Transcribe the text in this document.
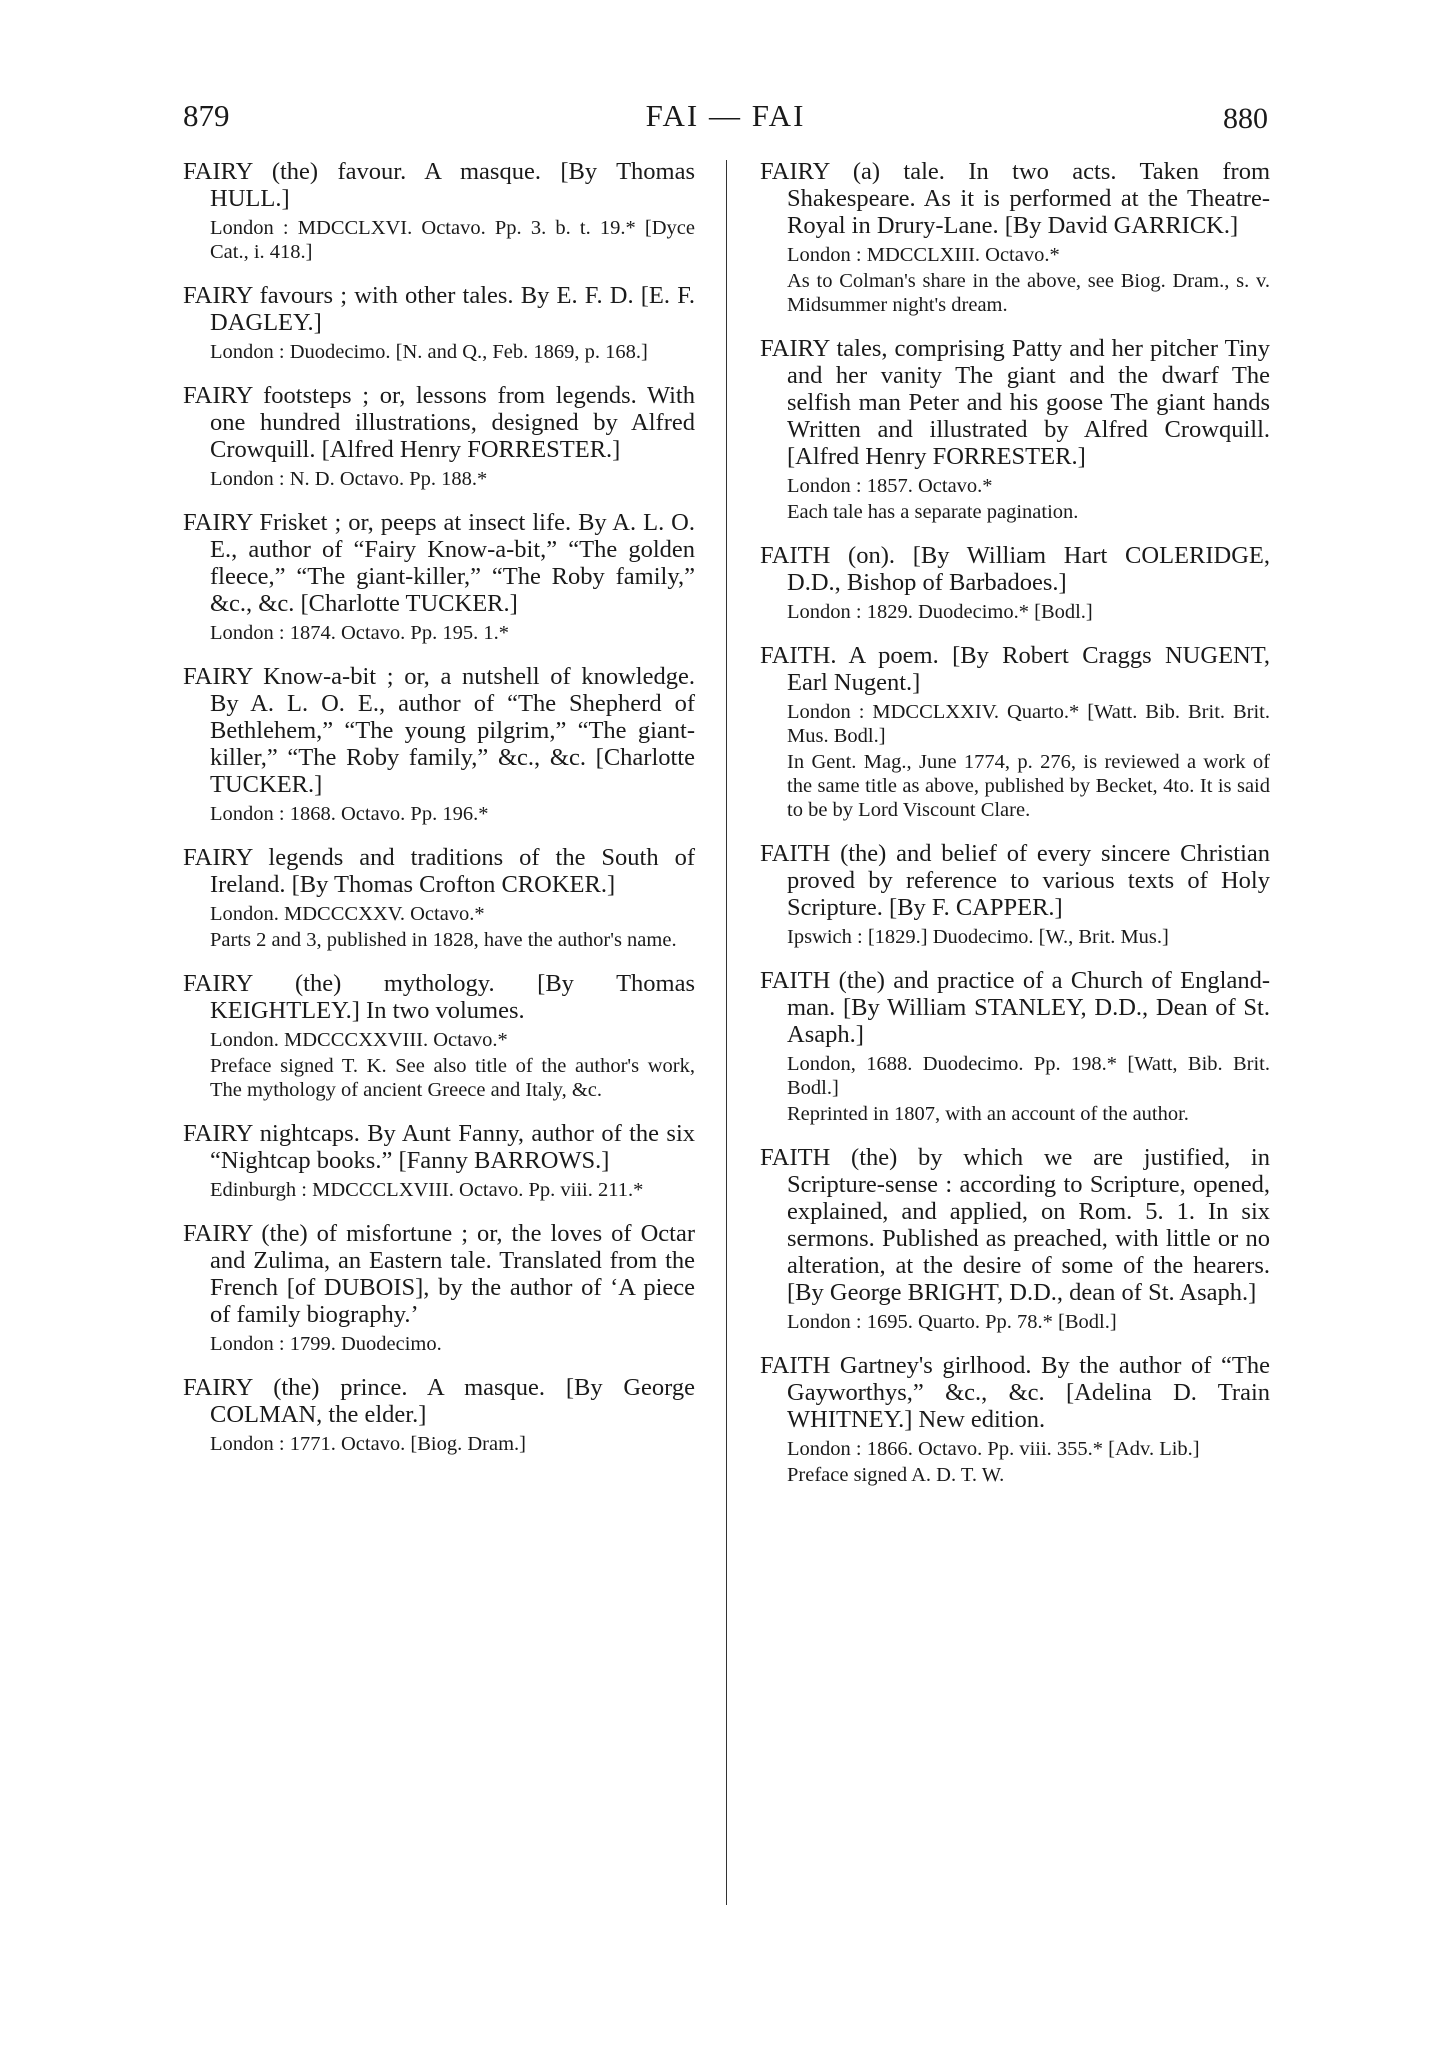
879	FAI — FAI	880
FAIRY (the) favour. A masque. [By Thomas HULL.]
London : MDCCLXVI. Octavo. Pp. 3. b. t. 19.* [Dyce Cat., i. 418.]
FAIRY favours ; with other tales. By E. F. D. [E. F. DAGLEY.]
London : Duodecimo. [N. and Q., Feb. 1869, p. 168.]
FAIRY footsteps ; or, lessons from legends. With one hundred illustrations, designed by Alfred Crowquill. [Alfred Henry FORRESTER.]
London : N. D. Octavo. Pp. 188.*
FAIRY Frisket ; or, peeps at insect life. By A. L. O. E., author of “Fairy Know-a-bit,” “The golden fleece,” “The giant-killer,” “The Roby family,” &c., &c. [Charlotte TUCKER.]
London : 1874. Octavo. Pp. 195. 1.*
FAIRY Know-a-bit ; or, a nutshell of knowledge. By A. L. O. E., author of “The Shepherd of Bethlehem,” “The young pilgrim,” “The giant-killer,” “The Roby family,” &c., &c. [Charlotte TUCKER.]
London : 1868. Octavo. Pp. 196.*
FAIRY legends and traditions of the South of Ireland. [By Thomas Crofton CROKER.]
London. MDCCCXXV. Octavo.*
Parts 2 and 3, published in 1828, have the author's name.
FAIRY (the) mythology. [By Thomas KEIGHTLEY.] In two volumes.
London. MDCCCXXVIII. Octavo.*
Preface signed T. K. See also title of the author's work, The mythology of ancient Greece and Italy, &c.
FAIRY nightcaps. By Aunt Fanny, author of the six “Nightcap books.” [Fanny BARROWS.]
Edinburgh : MDCCCLXVIII. Octavo. Pp. viii. 211.*
FAIRY (the) of misfortune ; or, the loves of Octar and Zulima, an Eastern tale. Translated from the French [of DUBOIS], by the author of ‘A piece of family biography.’
London : 1799. Duodecimo.
FAIRY (the) prince. A masque. [By George COLMAN, the elder.]
London : 1771. Octavo. [Biog. Dram.]
FAIRY (a) tale. In two acts. Taken from Shakespeare. As it is performed at the Theatre-Royal in Drury-Lane. [By David GARRICK.]
London : MDCCLXIII. Octavo.*
As to Colman's share in the above, see Biog. Dram., s. v. Midsummer night's dream.
FAIRY tales, comprising Patty and her pitcher Tiny and her vanity The giant and the dwarf The selfish man Peter and his goose The giant hands Written and illustrated by Alfred Crowquill. [Alfred Henry FORRESTER.]
London : 1857. Octavo.*
Each tale has a separate pagination.
FAITH (on). [By William Hart COLERIDGE, D.D., Bishop of Barbadoes.]
London : 1829. Duodecimo.* [Bodl.]
FAITH. A poem. [By Robert Craggs NUGENT, Earl Nugent.]
London : MDCCLXXIV. Quarto.* [Watt. Bib. Brit. Brit. Mus. Bodl.]
In Gent. Mag., June 1774, p. 276, is reviewed a work of the same title as above, published by Becket, 4to. It is said to be by Lord Viscount Clare.
FAITH (the) and belief of every sincere Christian proved by reference to various texts of Holy Scripture. [By F. CAPPER.]
Ipswich : [1829.] Duodecimo. [W., Brit. Mus.]
FAITH (the) and practice of a Church of England-man. [By William STANLEY, D.D., Dean of St. Asaph.]
London, 1688. Duodecimo. Pp. 198.* [Watt, Bib. Brit. Bodl.]
Reprinted in 1807, with an account of the author.
FAITH (the) by which we are justified, in Scripture-sense : according to Scripture, opened, explained, and applied, on Rom. 5. 1. In six sermons. Published as preached, with little or no alteration, at the desire of some of the hearers. [By George BRIGHT, D.D., dean of St. Asaph.]
London : 1695. Quarto. Pp. 78.* [Bodl.]
FAITH Gartney's girlhood. By the author of “The Gayworthys,” &c., &c. [Adelina D. Train WHITNEY.] New edition.
London : 1866. Octavo. Pp. viii. 355.* [Adv. Lib.]
Preface signed A. D. T. W.
